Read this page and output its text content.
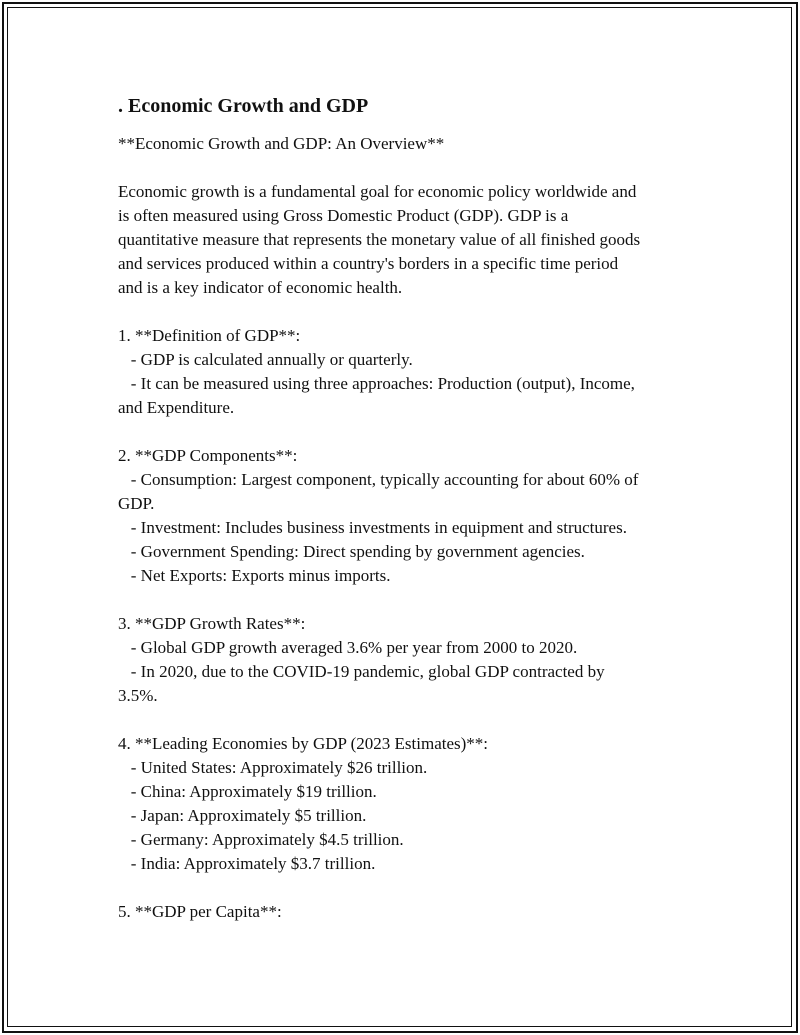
. Economic Growth and GDP
**Economic Growth and GDP: An Overview**
Economic growth is a fundamental goal for economic policy worldwide and
is often measured using Gross Domestic Product (GDP). GDP is a
quantitative measure that represents the monetary value of all finished goods
and services produced within a country's borders in a specific time period
and is a key indicator of economic health.
1. **Definition of GDP**:
- GDP is calculated annually or quarterly.
- It can be measured using three approaches: Production (output), Income,
and Expenditure.
2. **GDP Components**:
- Consumption: Largest component, typically accounting for about 60% of
GDP.
- Investment: Includes business investments in equipment and structures.
- Government Spending: Direct spending by government agencies.
- Net Exports: Exports minus imports.
3. **GDP Growth Rates**:
- Global GDP growth averaged 3.6% per year from 2000 to 2020.
- In 2020, due to the COVID-19 pandemic, global GDP contracted by
3.5%.
4. **Leading Economies by GDP (2023 Estimates)**:
- United States: Approximately $26 trillion.
- China: Approximately $19 trillion.
- Japan: Approximately $5 trillion.
- Germany: Approximately $4.5 trillion.
- India: Approximately $3.7 trillion.
5. **GDP per Capita**:
